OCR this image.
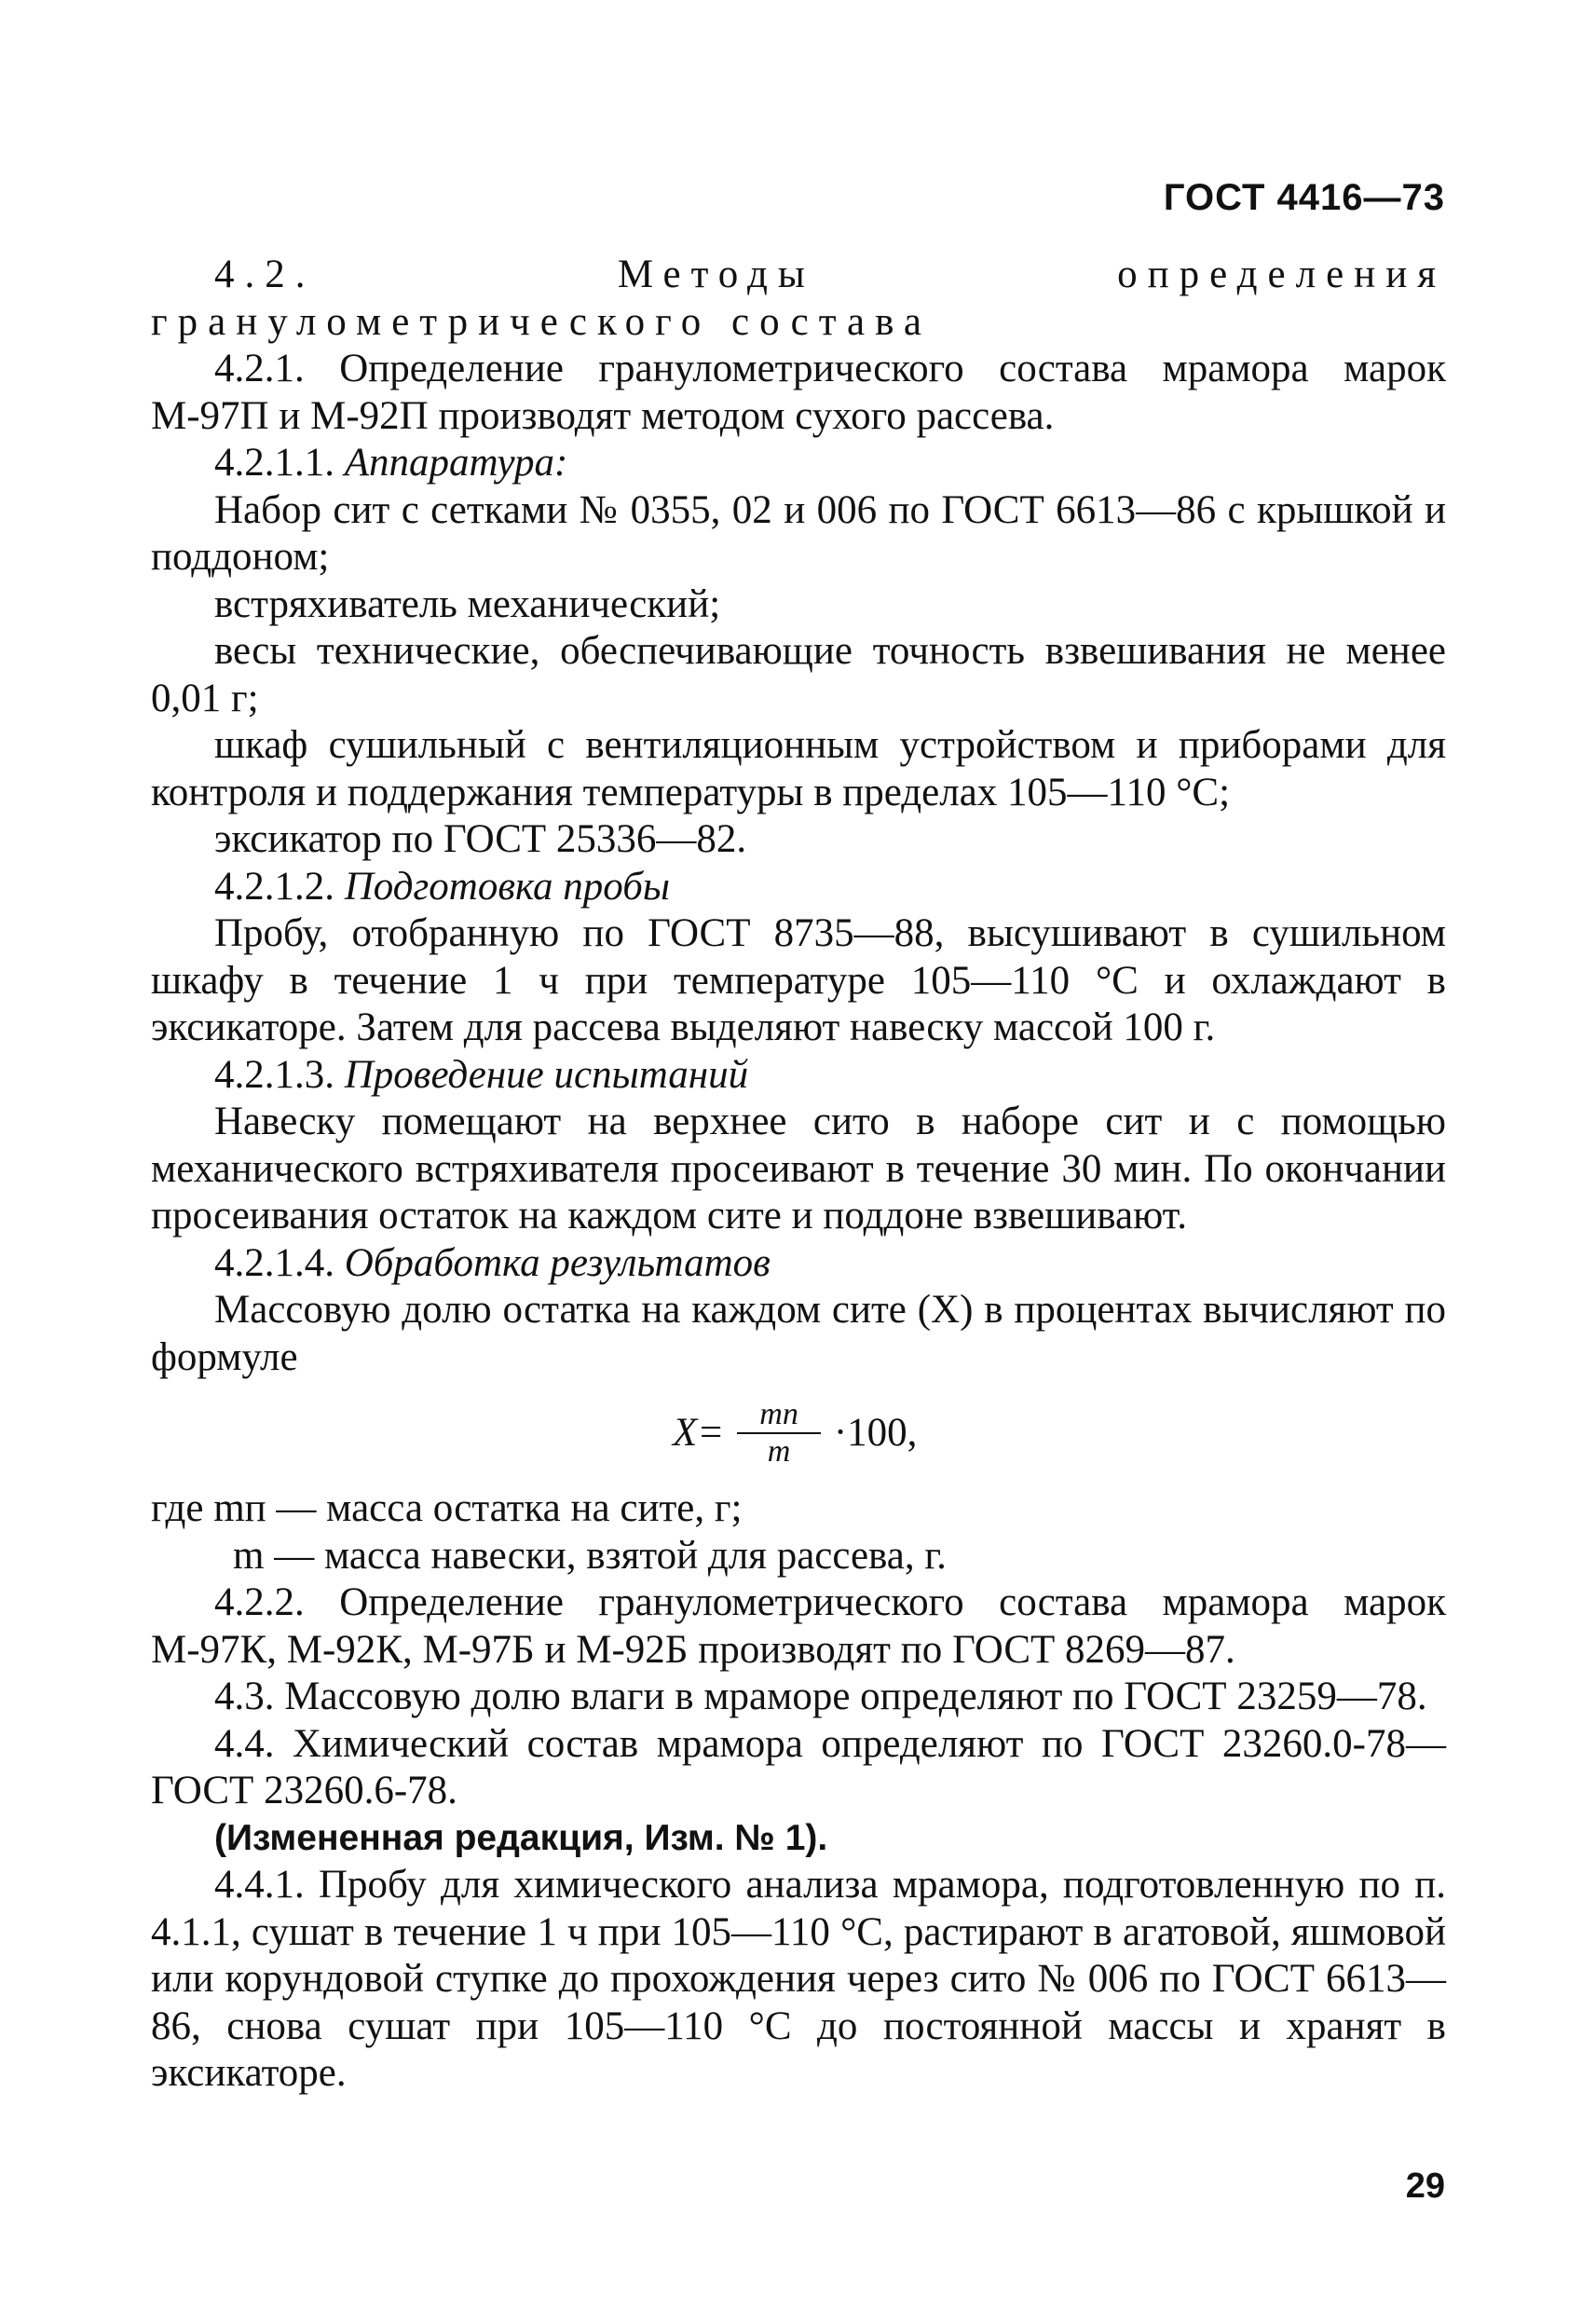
ГОСТ 4416—73

4.2. Методы определения гранулометрического состава

4.2.1. Определение гранулометрического состава мрамора марок М-97П и М-92П производят методом сухого рассева.

4.2.1.1. Аппаратура:

Набор сит с сетками № 0355, 02 и 006 по ГОСТ 6613—86 с крышкой и поддоном;

встряхиватель механический;

весы технические, обеспечивающие точность взвешивания не менее 0,01 г;

шкаф сушильный с вентиляционным устройством и приборами для контроля и поддержания температуры в пределах 105—110 °С;

эксикатор по ГОСТ 25336—82.

4.2.1.2. Подготовка пробы

Пробу, отобранную по ГОСТ 8735—88, высушивают в сушильном шкафу в течение 1 ч при температуре 105—110 °С и охлаждают в эксикаторе. Затем для рассева выделяют навеску массой 100 г.

4.2.1.3. Проведение испытаний

Навеску помещают на верхнее сито в наборе сит и с помощью механического встряхивателя просеивают в течение 30 мин. По окончании просеивания остаток на каждом сите и поддоне взвешивают.

4.2.1.4. Обработка результатов

Массовую долю остатка на каждом сите (X) в процентах вычисляют по формуле

$X= \frac{mп}{m} \cdot 100$,

где mп — масса остатка на сите, г;

m — масса навески, взятой для рассева, г.

4.2.2. Определение гранулометрического состава мрамора марок М-97К, М-92К, М-97Б и М-92Б производят по ГОСТ 8269—87.

4.3. Массовую долю влаги в мраморе определяют по ГОСТ 23259—78.

4.4. Химический состав мрамора определяют по ГОСТ 23260.0-78—ГОСТ 23260.6-78.

(Измененная редакция, Изм. № 1).

4.4.1. Пробу для химического анализа мрамора, подготовленную по п. 4.1.1, сушат в течение 1 ч при 105—110 °С, растирают в агатовой, яшмовой или корундовой ступке до прохождения через сито № 006 по ГОСТ 6613—86, снова сушат при 105—110 °С до постоянной массы и хранят в эксикаторе.

29
